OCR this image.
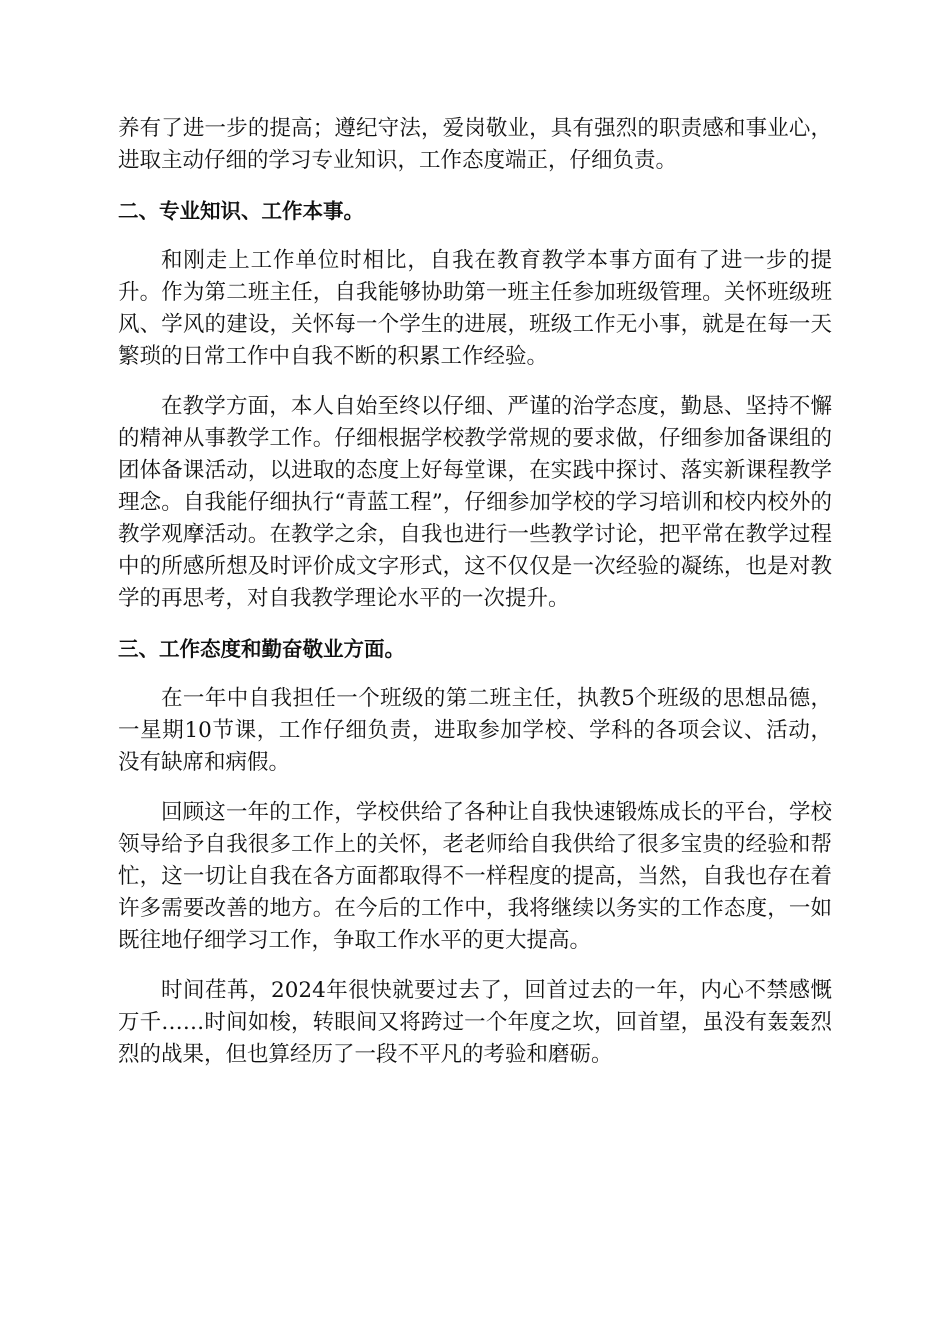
养有了进一步的提高；遵纪守法，爱岗敬业，具有强烈的职责感和事业心，进取主动仔细的学习专业知识，工作态度端正，仔细负责。

二、专业知识、工作本事。

和刚走上工作单位时相比，自我在教育教学本事方面有了进一步的提升。作为第二班主任，自我能够协助第一班主任参加班级管理。关怀班级班风、学风的建设，关怀每一个学生的进展，班级工作无小事，就是在每一天繁琐的日常工作中自我不断的积累工作经验。

在教学方面，本人自始至终以仔细、严谨的治学态度，勤恳、坚持不懈的精神从事教学工作。仔细根据学校教学常规的要求做，仔细参加备课组的团体备课活动，以进取的态度上好每堂课，在实践中探讨、落实新课程教学理念。自我能仔细执行“青蓝工程”，仔细参加学校的学习培训和校内校外的教学观摩活动。在教学之余，自我也进行一些教学讨论，把平常在教学过程中的所感所想及时评价成文字形式，这不仅仅是一次经验的凝练，也是对教学的再思考，对自我教学理论水平的一次提升。

三、工作态度和勤奋敬业方面。

在一年中自我担任一个班级的第二班主任，执教5个班级的思想品德，一星期10节课，工作仔细负责，进取参加学校、学科的各项会议、活动，没有缺席和病假。

回顾这一年的工作，学校供给了各种让自我快速锻炼成长的平台，学校领导给予自我很多工作上的关怀，老老师给自我供给了很多宝贵的经验和帮忙，这一切让自我在各方面都取得不一样程度的提高，当然，自我也存在着许多需要改善的地方。在今后的工作中，我将继续以务实的工作态度，一如既往地仔细学习工作，争取工作水平的更大提高。

时间荏苒，2024年很快就要过去了，回首过去的一年，内心不禁感慨万千……时间如梭，转眼间又将跨过一个年度之坎，回首望，虽没有轰轰烈烈的战果，但也算经历了一段不平凡的考验和磨砺。
